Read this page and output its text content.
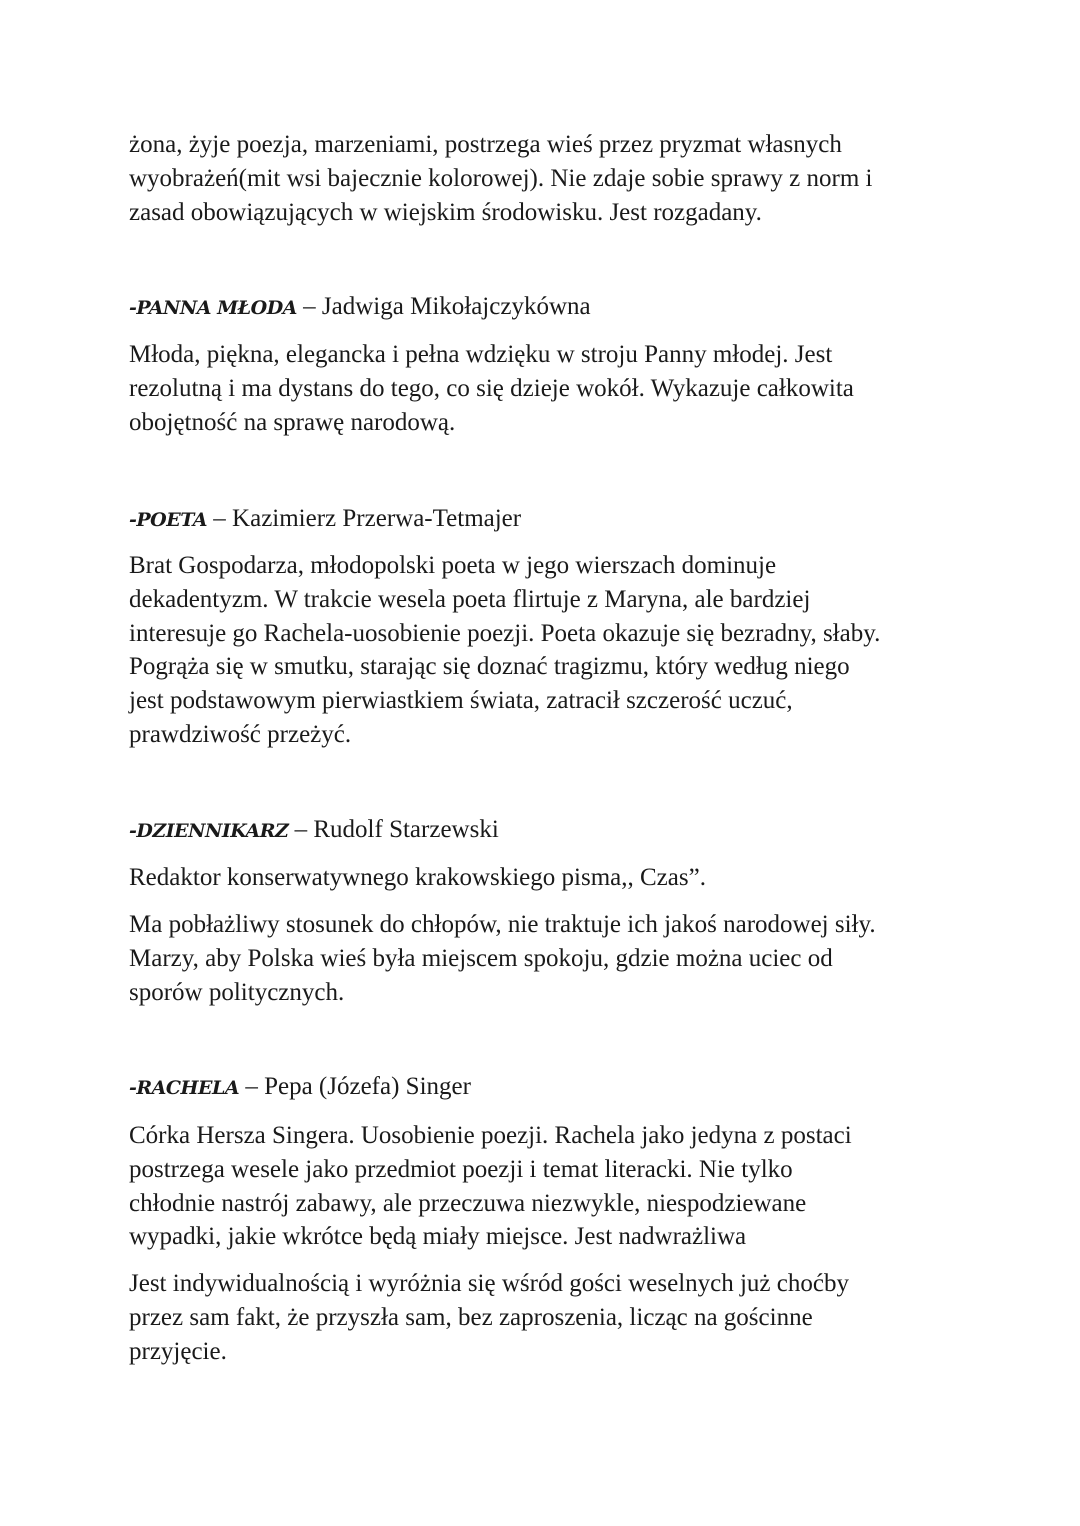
żona, żyje poezja, marzeniami, postrzega wieś przez pryzmat własnych
wyobrażeń(mit wsi bajecznie kolorowej). Nie zdaje sobie sprawy z norm i
zasad obowiązujących w wiejskim środowisku. Jest rozgadany.
-PANNA MŁODA – Jadwiga Mikołajczykówna
Młoda, piękna, elegancka i pełna wdzięku w stroju Panny młodej. Jest
rezolutną i ma dystans do tego, co się dzieje wokół. Wykazuje całkowita
obojętność na sprawę narodową.
-POETA – Kazimierz Przerwa-Tetmajer
Brat Gospodarza, młodopolski poeta w jego wierszach dominuje
dekadentyzm. W trakcie wesela poeta flirtuje z Maryna, ale bardziej
interesuje go Rachela-uosobienie poezji. Poeta okazuje się bezradny, słaby.
Pogrąża się w smutku, starając się doznać tragizmu, który według niego
jest podstawowym pierwiastkiem świata, zatracił szczerość uczuć,
prawdziwość przeżyć.
-DZIENNIKARZ – Rudolf Starzewski
Redaktor konserwatywnego krakowskiego pisma,, Czas”.
Ma pobłażliwy stosunek do chłopów, nie traktuje ich jakoś narodowej siły.
Marzy, aby Polska wieś była miejscem spokoju, gdzie można uciec od
sporów politycznych.
-RACHELA – Pepa (Józefa) Singer
Córka Hersza Singera. Uosobienie poezji. Rachela jako jedyna z postaci
postrzega wesele jako przedmiot poezji i temat literacki. Nie tylko
chłodnie nastrój zabawy, ale przeczuwa niezwykle, niespodziewane
wypadki, jakie wkrótce będą miały miejsce. Jest nadwrażliwa
Jest indywidualnością i wyróżnia się wśród gości weselnych już choćby
przez sam fakt, że przyszła sam, bez zaproszenia, licząc na gościnne
przyjęcie.
